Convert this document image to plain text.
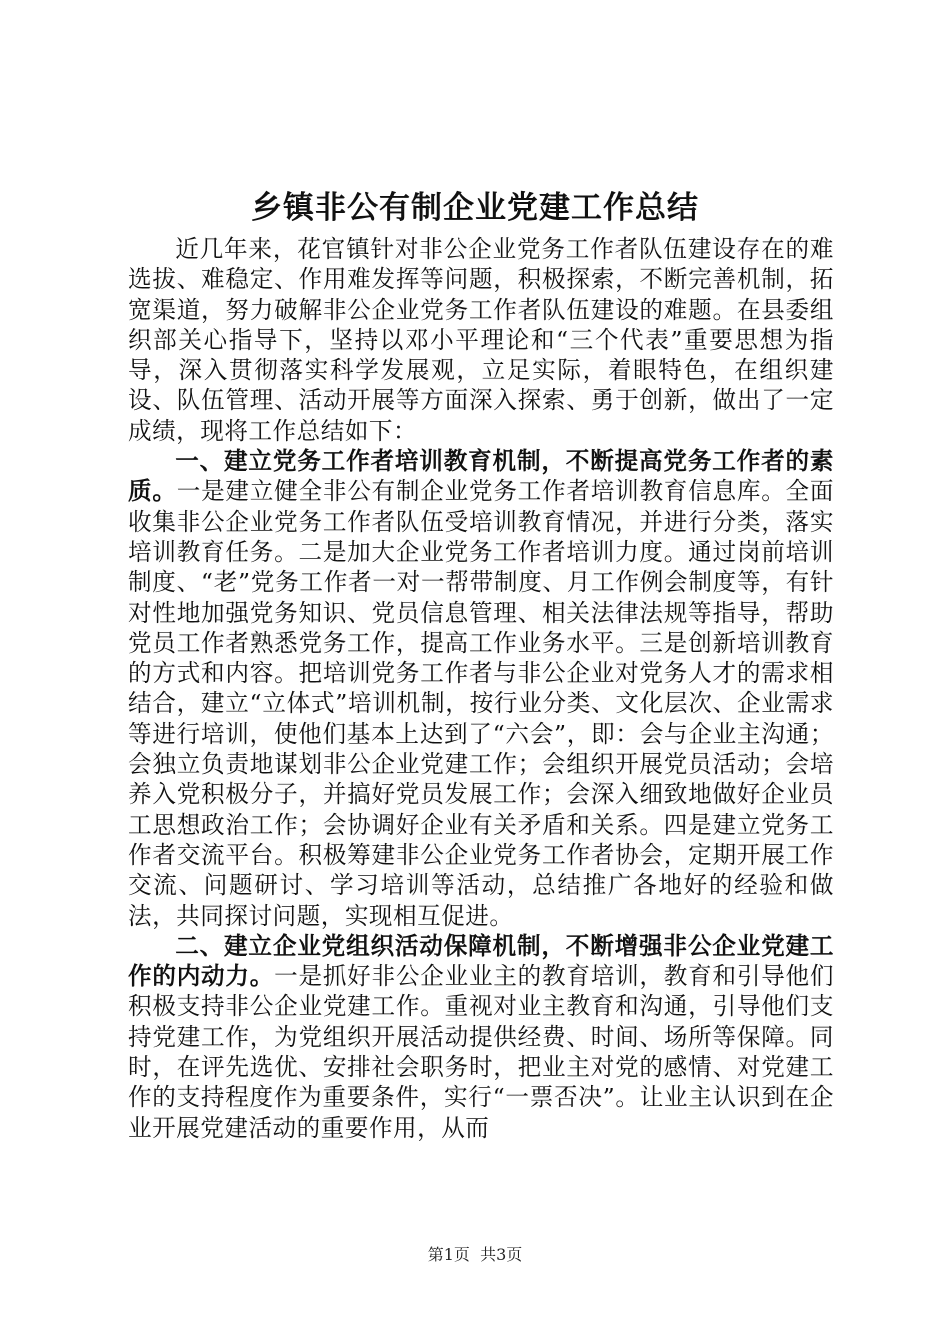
乡镇非公有制企业党建工作总结

近几年来，花官镇针对非公企业党务工作者队伍建设存在的难选拔、难稳定、作用难发挥等问题，积极探索，不断完善机制，拓宽渠道，努力破解非公企业党务工作者队伍建设的难题。在县委组织部关心指导下，坚持以邓小平理论和“三个代表”重要思想为指导，深入贯彻落实科学发展观，立足实际，着眼特色，在组织建设、队伍管理、活动开展等方面深入探索、勇于创新，做出了一定成绩，现将工作总结如下：

一、建立党务工作者培训教育机制，不断提高党务工作者的素质。一是建立健全非公有制企业党务工作者培训教育信息库。全面收集非公企业党务工作者队伍受培训教育情况，并进行分类，落实培训教育任务。二是加大企业党务工作者培训力度。通过岗前培训制度、“老”党务工作者一对一帮带制度、月工作例会制度等，有针对性地加强党务知识、党员信息管理、相关法律法规等指导，帮助党员工作者熟悉党务工作，提高工作业务水平。三是创新培训教育的方式和内容。把培训党务工作者与非公企业对党务人才的需求相结合，建立“立体式”培训机制，按行业分类、文化层次、企业需求等进行培训，使他们基本上达到了“六会”，即：会与企业主沟通；会独立负责地谋划非公企业党建工作；会组织开展党员活动；会培养入党积极分子，并搞好党员发展工作；会深入细致地做好企业员工思想政治工作；会协调好企业有关矛盾和关系。四是建立党务工作者交流平台。积极筹建非公企业党务工作者协会，定期开展工作交流、问题研讨、学习培训等活动，总结推广各地好的经验和做法，共同探讨问题，实现相互促进。

二、建立企业党组织活动保障机制，不断增强非公企业党建工作的内动力。一是抓好非公企业业主的教育培训，教育和引导他们积极支持非公企业党建工作。重视对业主教育和沟通，引导他们支持党建工作，为党组织开展活动提供经费、时间、场所等保障。同时，在评先选优、安排社会职务时，把业主对党的感情、对党建工作的支持程度作为重要条件，实行“一票否决”。让业主认识到在企业开展党建活动的重要作用，从而

第1页  共3页
